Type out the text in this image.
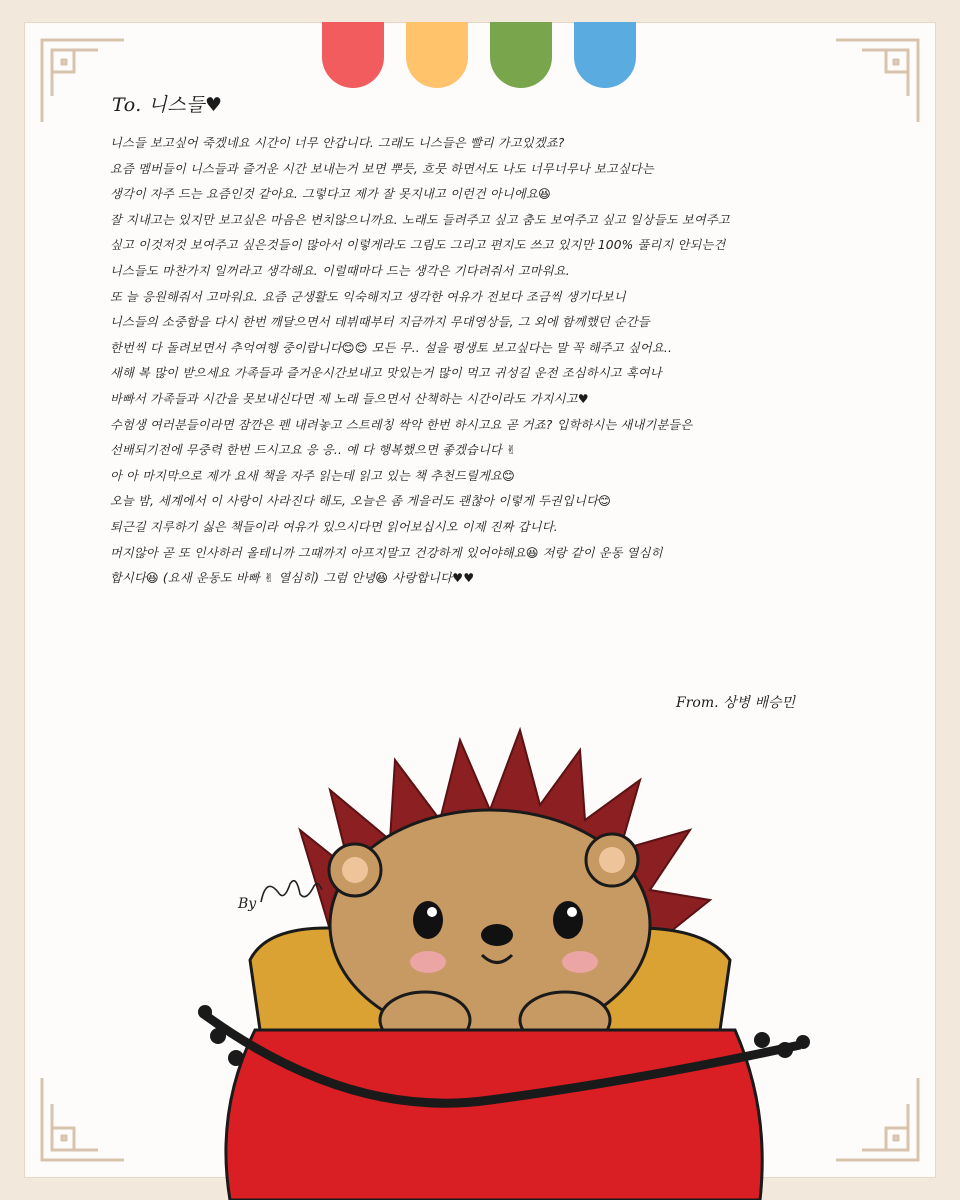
To. 니스들♥
니스들 보고싶어 죽겠네요 시간이 너무 안갑니다. 그래도 니스들은 빨리 가고있겠죠?
요즘 멤버들이 니스들과 즐거운 시간 보내는거 보면 뿌듯, 흐뭇 하면서도 나도 너무너무나 보고싶다는
생각이 자주 드는 요즘인것 같아요. 그렇다고 제가 잘 못지내고 이런건 아니에요😆
잘 지내고는 있지만 보고싶은 마음은 변치않으니까요. 노래도 들려주고 싶고 춤도 보여주고 싶고 일상들도 보여주고
싶고 이것저것 보여주고 싶은것들이 많아서 이렇게라도 그림도 그리고 편지도 쓰고 있지만 100% 풀리지 안되는건
니스들도 마찬가지 일꺼라고 생각해요. 이럴때마다 드는 생각은 기다려줘서 고마워요.
또 늘 응원해줘서 고마워요. 요즘 군생활도 익숙해지고 생각한 여유가 전보다 조금씩 생기다보니
니스들의 소중함을 다시 한번 깨달으면서 데뷔때부터 지금까지 무대영상들, 그 외에 함께했던 순간들
한번씩 다 돌려보면서 추억여행 중이랍니다😊😊 모든 무.. 설을 평생토 보고싶다는 말 꼭 해주고 싶어요..
새해 복 많이 받으세요 가족들과 즐거운시간보내고 맛있는거 많이 먹고 귀성길 운전 조심하시고 혹여나
바빠서 가족들과 시간을 못보내신다면 제 노래 들으면서 산책하는 시간이라도 가지시고♥
수험생 여러분들이라면 잠깐은 펜 내려놓고 스트레칭 싹악 한번 하시고요 곧 거죠? 입학하시는 새내기분들은
선배되기전에 무중력 한번 드시고요 응 응.. 예 다 행복했으면 좋겠습니다 ✌
아 아 마지막으로 제가 요새 책을 자주 읽는데 읽고 있는 책 추천드릴게요😊
오늘 밤, 세계에서 이 사랑이 사라진다 해도, 오늘은 좀 게을러도 괜찮아 이렇게 두권입니다😊
퇴근길 지루하기 싫은 책들이라 여유가 있으시다면 읽어보십시오 이제 진짜 갑니다.
머지않아 곧 또 인사하러 올테니까 그때까지 아프지말고 건강하게 있어야해요😆 저랑 같이 운동 열심히
합시다😆 (요새 운동도 바빠 ✌ 열심히) 그럼 안녕😆 사랑합니다♥♥
From. 상병 배승민
By
